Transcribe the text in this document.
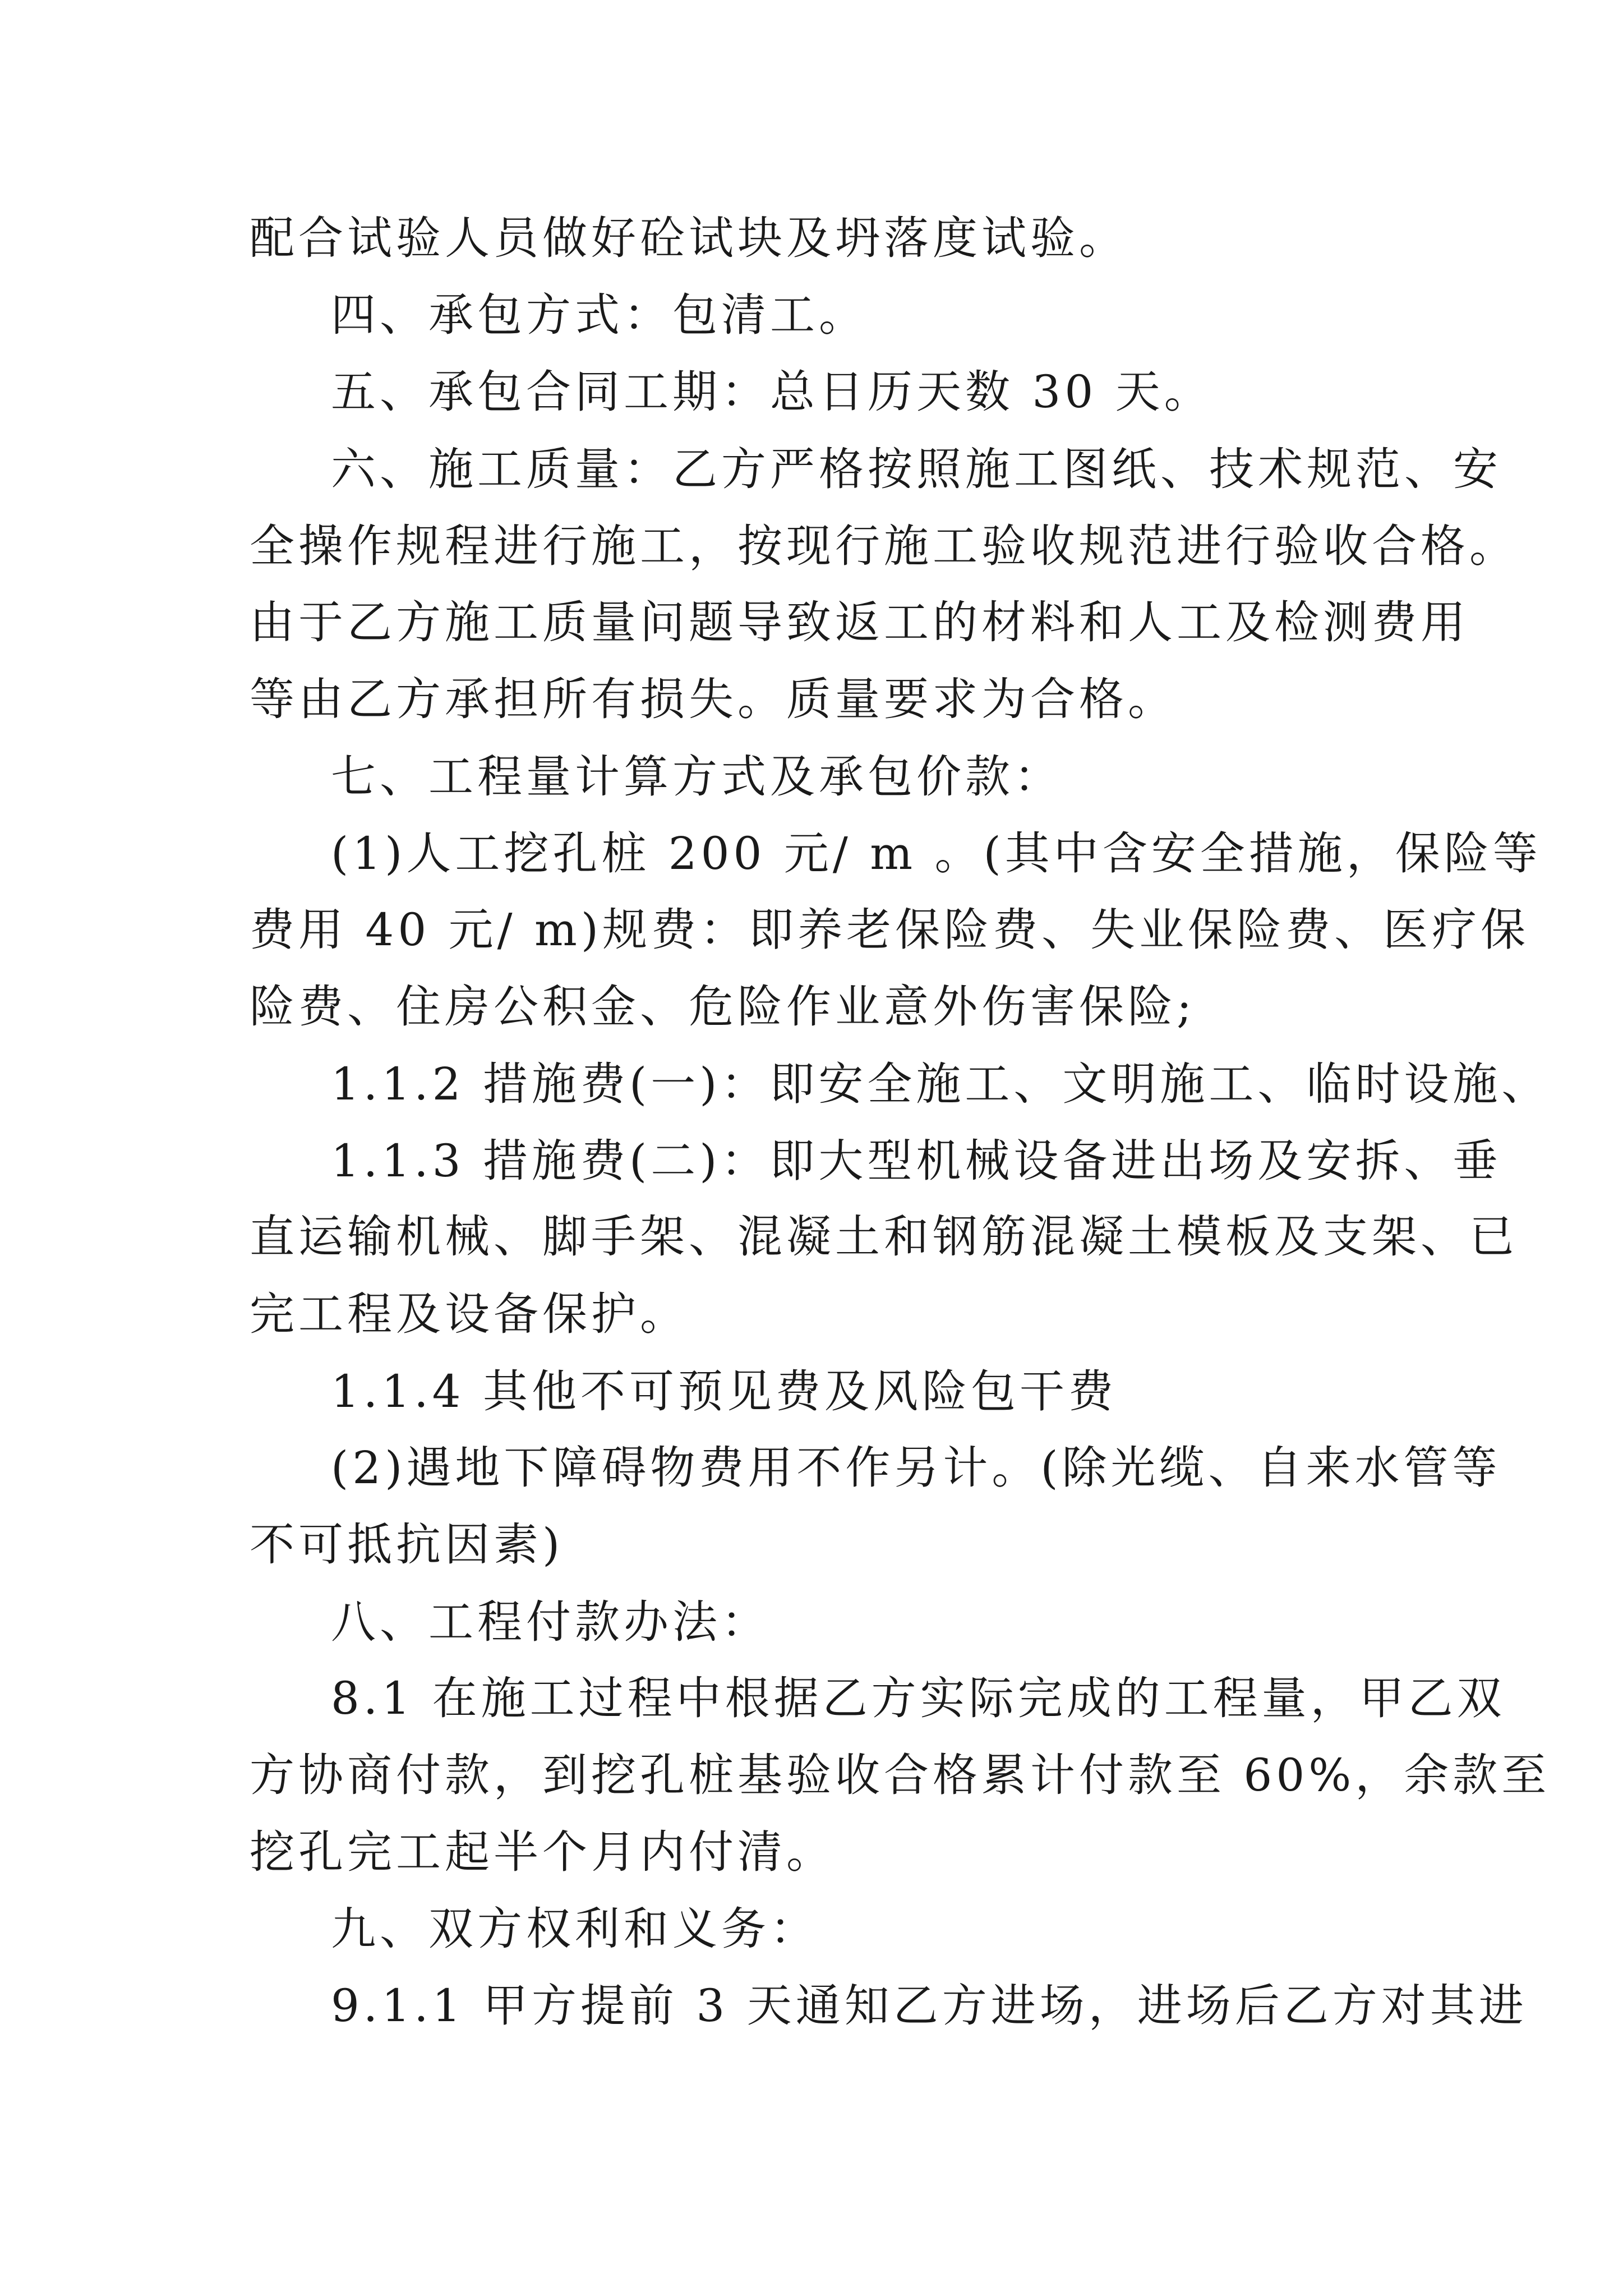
配合试验人员做好砼试块及坍落度试验。
四、承包方式：包清工。
五、承包合同工期：总日历天数 30 天。
六、施工质量：乙方严格按照施工图纸、技术规范、安
全操作规程进行施工，按现行施工验收规范进行验收合格。
由于乙方施工质量问题导致返工的材料和人工及检测费用
等由乙方承担所有损失。质量要求为合格。
七、工程量计算方式及承包价款：
(1)人工挖孔桩 200 元/ m 。(其中含安全措施，保险等
费用 40 元/ m)规费：即养老保险费、失业保险费、医疗保
险费、住房公积金、危险作业意外伤害保险;
1.1.2 措施费(一)：即安全施工、文明施工、临时设施、
1.1.3 措施费(二)：即大型机械设备进出场及安拆、垂
直运输机械、脚手架、混凝土和钢筋混凝土模板及支架、已
完工程及设备保护。
1.1.4 其他不可预见费及风险包干费
(2)遇地下障碍物费用不作另计。(除光缆、自来水管等
不可抵抗因素)
八、工程付款办法：
8.1 在施工过程中根据乙方实际完成的工程量，甲乙双
方协商付款，到挖孔桩基验收合格累计付款至 60%，余款至
挖孔完工起半个月内付清。
九、双方权利和义务：
9.1.1 甲方提前 3 天通知乙方进场，进场后乙方对其进
